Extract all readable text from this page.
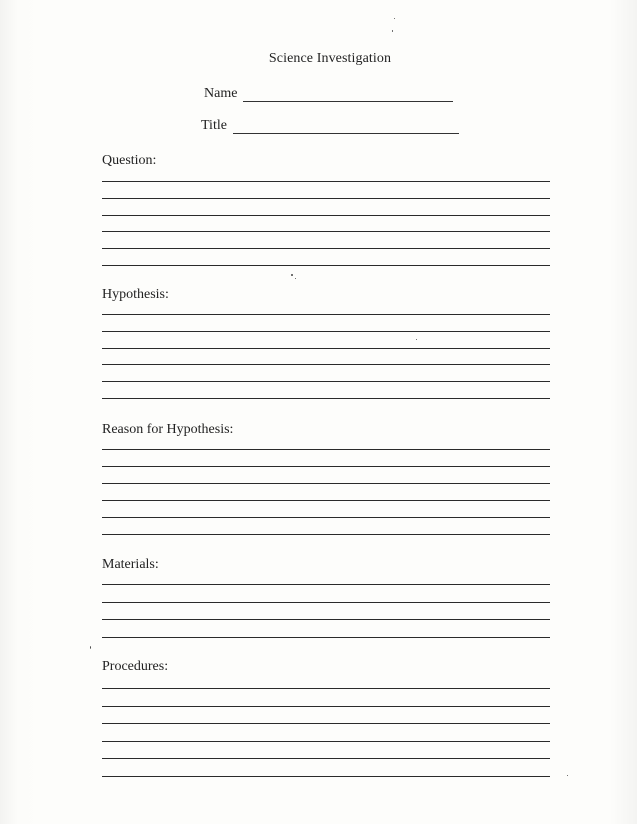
Science Investigation
Name
Title
Question:
Hypothesis:
Reason for Hypothesis:
Materials:
Procedures:
